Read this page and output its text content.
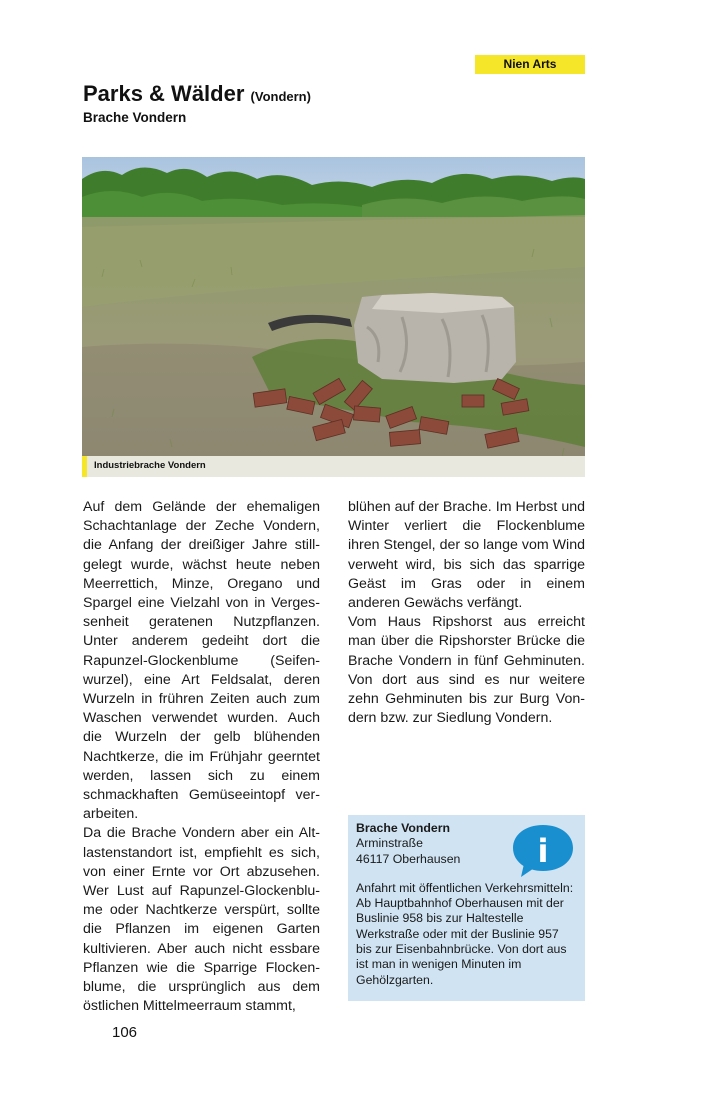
Nien Arts
Parks & Wälder (Vondern)
Brache Vondern
Industriebrache Vondern

Auf dem Gelände der ehemaligen Schachtanlage der Zeche Vondern, die Anfang der dreißiger Jahre stillgelegt wurde, wächst heute neben Meerrettich, Minze, Oregano und Spargel eine Vielzahl von in Vergessenheit geratenen Nutzpflanzen. Unter anderem gedeiht dort die Rapunzel-Glockenblume (Seifenwurzel), eine Art Feldsalat, deren Wurzeln in frühren Zeiten auch zum Waschen verwendet wurden. Auch die Wurzeln der gelb blühenden Nachtkerze, die im Frühjahr geerntet werden, lassen sich zu einem schmackhaften Gemüseeintopf verarbeiten.

Da die Brache Vondern aber ein Altlastenstandort ist, empfiehlt es sich, von einer Ernte vor Ort abzusehen. Wer Lust auf Rapunzel-Glockenblume oder Nachtkerze verspürt, sollte die Pflanzen im eigenen Garten kultivieren. Aber auch nicht essbare Pflanzen wie die Sparrige Flockenblume, die ursprünglich aus dem östlichen Mittelmeerraum stammt,

blühen auf der Brache. Im Herbst und Winter verliert die Flockenblume ihren Stengel, der so lange vom Wind verweht wird, bis sich das sparrige Geäst im Gras oder in einem anderen Gewächs verfängt.

Vom Haus Ripshorst aus erreicht man über die Ripshorster Brücke die Brache Vondern in fünf Gehminuten. Von dort aus sind es nur weitere zehn Gehminuten bis zur Burg Vondern bzw. zur Siedlung Vondern.

i
Brache Vondern
Arminstraße
46117 Oberhausen
Anfahrt mit öffentlichen Verkehrsmitteln: Ab Hauptbahnhof Oberhausen mit der Buslinie 958 bis zur Haltestelle Werkstraße oder mit der Buslinie 957 bis zur Eisenbahnbrücke. Von dort aus ist man in wenigen Minuten im Gehölzgarten.
106
